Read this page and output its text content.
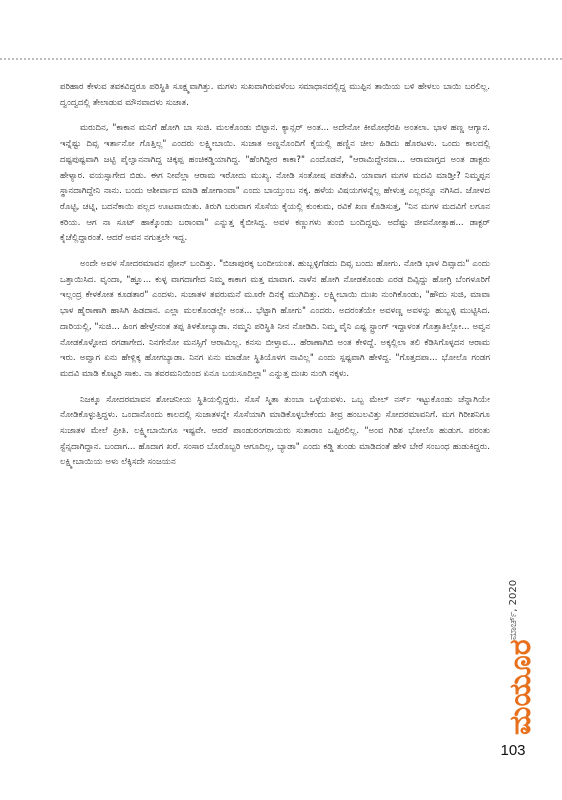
ಪರಿಹಾರ ಕೇಳುವ ತವಕವಿದ್ದರೂ ಪರಿಸ್ಥಿತಿ ಸೂಕ್ಷ್ಮವಾಗಿತ್ತು. ಮಗಳು ಸುಖವಾಗಿರುವಳೆಂಬ ಸಮಾಧಾನದಲ್ಲಿದ್ದ ಮುಪ್ಪಿನ ತಾಯಿಯ ಬಳಿ ಹೇಳಲು ಬಾಯಿ ಬರಲಿಲ್ಲ. ದ್ವಂದ್ವದಲ್ಲಿ ತೇಲಾಡುವ ಮೌನವಾದಳು ಸುಜಾತ.

ಮರುದಿನ, "ಕಾಕಾನ ಮನಿಗೆ ಹೋಗಿ ಬಾ ಸುಜಿ. ಮಲಕೊಂಡು ಬಿಟ್ಟಾನ. ಕ್ಯಾನ್ಸರ್ ಅಂತ... ಅದೇನೋ ಕೀಮೋಥೆರಪಿ ಅಂತಲಾ. ಭಾಳ ಹಣ್ಣ ಆಗ್ಯಾನ. ಇನ್ನೆಷ್ಟು ದಿವ್ಸ ಇರ್ತಾನೋ ಗೊತ್ತಿಲ್ಲ" ಎಂದರು ಲಕ್ಷ್ಮೀಬಾಯಿ. ಸುಜಾತ ಅಣ್ಣನೊಂದಿಗೆ ಕೈಯಲ್ಲಿ ಹಣ್ಣಿನ ಚೀಲ ಹಿಡಿದು ಹೊರಟಳು. ಒಂದು ಕಾಲದಲ್ಲಿ ದಷ್ಟಪುಷ್ಟವಾಗಿ ಜಟ್ಟಿ ಪೈಲ್ವಾನನಾಗಿದ್ದ ಚಿಕ್ಕಪ್ಪ ಹಂಚಿಕಡ್ಡಿಯಾಗಿದ್ದ. "ಹೆಂಗಿದ್ದೀರ ಕಾಕಾ?" ಎಂದೊಡನೆ, "ಆರಾಮಿದ್ದೇನವಾ... ಆರಾಮಾಗ್ತದ ಅಂತ ಡಾಕ್ಟರು ಹೇಳ್ಯಾರ. ವಯಸ್ಸಾಗೇದ ಬಿಡು. ಈಗ ನೀವೆಲ್ಲಾ ಆರಾಮ ಇರೋದು ಮುಖ್ಯ. ನೋಡಿ ಸಂತೋಷ ಪಡತೇವಿ. ಯಾವಾಗ ಮಗಳ ಮದವಿ ಮಾಡ್ತೀ? ನಿಮ್ಮಪ್ಪನ ಸ್ಥಾನದಾಗಿದ್ದೇನಿ ನಾನು. ಬಂದು ಆಶೀರ್ವಾದ ಮಾಡಿ ಹೋಗಾಂವಾ" ಎಂದು ಬಾಯ್ತುಂಬ ನಕ್ಕ. ಹಳೆಯ ವಿಷಯಗಳನ್ನೆಲ್ಲ ಹೇಳುತ್ತ ಎಲ್ಲರನ್ನೂ ನಗಿಸಿದ. ಜೋಳದ ರೊಟ್ಟಿ, ಚಟ್ನಿ, ಬದನೆಕಾಯಿ ಪಲ್ಲದ ಊಟವಾಯಿತು. ತಿರುಗಿ ಬರುವಾಗ ಸೊಸೆಯ ಕೈಯಲ್ಲಿ ಕುಂಕುಮ, ರವಿಕೆ ಖಣ ಕೊಡಿಸುತ್ತ, "ನಿನ ಮಗಳ ಮದವಿಗೆ ಲಗೂನ ಕರಿಯ. ಆಗ ನಾ ಸೂಟ್ ಹಾಕ್ಕೊಂಡು ಬರಾಂವಾ" ಎನ್ನುತ್ತ ಕೈಬೀಸಿದ್ದ. ಅವಳ ಕಣ್ಣುಗಳು ತುಂಬಿ ಬಂದಿದ್ದವು. ಅದೆಷ್ಟು ಜೀವನೋತ್ಸಾಹ... ಡಾಕ್ಟರ್ ಕೈಚೆಲ್ಲಿದ್ದಾರಂತೆ. ಆದರೆ ಅವನ ನಗುತ್ತಲೇ ಇದ್ದ.

ಅಂದೇ ಅವಳ ಸೋದರಮಾವನ ಫೋನ್ ಬಂದಿತ್ತು. "ಬಿಜಾಪುರಕ್ಕ ಬಂದೀಯಂತ. ಹುಬ್ಬಳ್ಳಿಗೆಡದು ದಿವ್ಸ ಬಂದು ಹೋಗು. ನೋಡಿ ಭಾಳ ದಿವ್ಸಾದು" ಎಂದು ಒತ್ತಾಯಿಸಿದ. ವೃಂದಾ, "ಹ್ಞೂ... ಕುಳ್ಳ ವಾಗದಾಗೇದ ನಿಮ್ಮ ಕಾಕಾಗ ಮತ್ತ ಮಾವಾಗ. ನಾಳೆನ ಹೋಗಿ ನೋಡಕೊಂಡು ಎರಡ ದಿವ್ಸಿದ್ದು ಹೋಗ್ರಿ ಬೆಂಗಳೂರಿಗೆ ಇಲ್ಲಂದ್ರ ಕೇಳಕೋತ ಕೂಡತಾರ" ಎಂದಳು. ಸುಜಾತಳ ತವರುಮನೆ ಮೂರೇ ದಿನಕ್ಕೆ ಮುಗಿದಿತ್ತು. ಲಕ್ಷ್ಮೀಬಾಯಿ ದುಃಖ ನುಂಗಿಕೊಂಡು, "ಹೌದು ಸುಜಿ, ಮಾವಾ ಭಾಳ ಹೈರಾಣಾಗಿ ಹಾಸಿಗಿ ಹಿಡದಾನ. ಎಲ್ಲಾ ಮಲಕೊಂಡಲ್ಲೇ ಅಂತ... ಭೆಟ್ಟಾಗಿ ಹೋಗು" ಎಂದರು. ಅದರಂತೆಯೇ ಅವಳಣ್ಣ ಅವಳನ್ನು ಹುಬ್ಬಳ್ಳಿ ಮುಟ್ಟಿಸಿದ. ದಾರಿಯಲ್ಲಿ, "ಸುಜಿ... ಹಿಂಗ ಹೇಳ್ತೇನಂತ ತಪ್ಪ ತಿಳಕೋಬ್ಯಾಡಾ. ನಮ್ಮನಿ ಪರಿಸ್ಥಿತಿ ನೀನ ನೋಡಿದಿ. ನಿಮ್ಮ ವೈನಿ ಎಷ್ಟ ಸ್ಟ್ರಾಂಗ್ ಇದ್ದಾಳಂತ ಗೊತ್ತಾತಿಲ್ಲೋ... ಅವ್ವನ ನೋಡಕೊಳ್ಳೋದ ರಗಡಾಗೇದ. ನಿನಗೇನೋ ಮನಸ್ಸಿಗೆ ಆರಾಮಿಲ್ಲ. ಕನಸು ಬೀಳ್ತಾವ... ಹೆರಾಣಾಗಿಬಿ ಅಂತ ಕೇಳಿದ್ದೆ. ಅಕ್ಕಲ್ಲಿಲಾ ತಲಿ ಕೆಡಿಸಿಗೊಳ್ಳದನ ಆರಾಮ ಇರು. ಅವ್ವಾಗ ಏನು ಹೇಳ್ಲಿಕ್ಕ ಹೋಗಬ್ಯಾಡಾ. ನಿನಗ ಏನು ಮಾಡೋ ಸ್ಥಿತಿಯೊಳಗ ನಾವಿಲ್ಲ" ಎಂದು ಸ್ಪಷ್ಟವಾಗಿ ಹೇಳಿದ್ದ. "ಗೊತ್ತದಪಾ... ಭೋಲೊ ಗಂಡಗ ಮದವಿ ಮಾಡಿ ಕೊಟ್ಟರಿ ಸಾಕು. ನಾ ತವರಮನಿಯಿಂದ ಏನೂ ಬಯಸೂದಿಲ್ಲಾ" ಎನ್ನುತ್ತ ದುಃಖ ನುಂಗಿ ನಕ್ಕಳು.

ನಿಜಕ್ಕೂ ಸೋದರಮಾವನ ಶೋಚನೀಯ ಸ್ಥಿತಿಯಲ್ಲಿದ್ದರು. ಸೊಸೆ ಸ್ಮಿತಾ ತುಂಬಾ ಒಳ್ಳೆಯವಳು. ಒಬ್ಬ ಮೇಲ್ ನರ್ಸ್ ಇಟ್ಟುಕೊಂಡು ಚೆನ್ನಾಗಿಯೇ ನೋಡಿಕೊಳ್ಳುತ್ತಿದ್ದಳು. ಒಂದಾನೊಂದು ಕಾಲದಲ್ಲಿ ಸುಜಾತಳನ್ನೇ ಸೊಸೆಯಾಗಿ ಮಾಡಿಕೊಳ್ಳಬೇಕೆಂದು ತೀವ್ರ ಹಂಬಲವಿತ್ತು ಸೋದರಮಾವನಿಗೆ. ಮಗ ಗಿರೀಶನಿಗೂ ಸುಜಾತಳ ಮೇಲೆ ಪ್ರೀತಿ. ಲಕ್ಷ್ಮೀಬಾಯಿಗೂ ಇಷ್ಟವೇ. ಆದರೆ ಪಾಂಡುರಂಗರಾಯರು ಸುತಾರಾಂ ಒಪ್ಪಿರಲಿಲ್ಲ. "ಅಂವ ಗಿರಿಶ ಭೋಲೊ ಹುಡುಗ. ಪರಂತು ಸ್ಟೆನ್ಸದಾಗಿದ್ದಾನ. ಬಂದಾಗ... ಹೊದಾಗ ಖರೆ. ಸಂಸಾರ ಬೊರೊಬ್ಬರಿ ಆಗೂದಿಲ್ಲ, ಬ್ಯಾಡಾ" ಎಂದು ಕಡ್ಡಿ ತುಂಡು ಮಾಡಿದಂತೆ ಹೇಳಿ ಬೇರೆ ಸಂಬಂಧ ಹುಡುಕಿದ್ದರು. ಲಕ್ಷ್ಮೀಬಾಯಿಯ ಅಳು ಲೆಕ್ಕಿಸದೇ ಸಂಜಯನ

ಮಾರ್ಚ್, 2020
ಮಯೂರ
103
